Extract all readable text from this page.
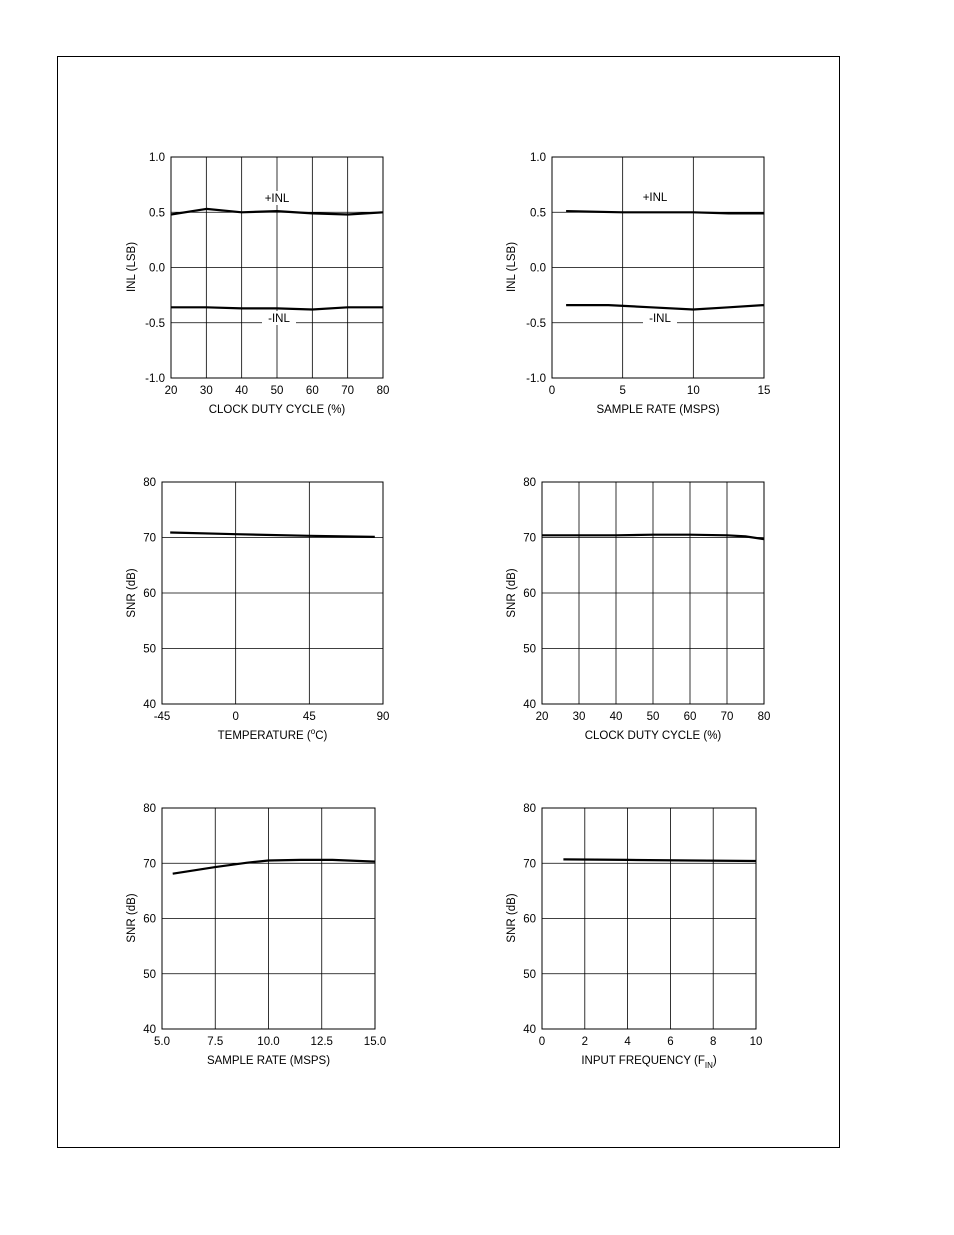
20 30 40 50 60 70 80
-1.0
-0.5
0.0
0.5
1.0
+INL
-INL
CLOCK DUTY CYCLE (%)
INL (LSB)
0	5	10	15
-1.0
-0.5
0.0
0.5
1.0
+INL
-INL
SAMPLE RATE (MSPS)
INL (LSB)
-45	0	45	90
40
50
60
70
80
TEMPERATURE ($^o$C)
SNR (dB)
20 30 40 50 60 70 80
40
50
60
70
80
CLOCK DUTY CYCLE (%)
SNR (dB)
5.0	7.5	10.0	12.5	15.0
40
50
60
70
80
SAMPLE RATE (MSPS)
SNR (dB)
0	2	4	6	8	10
40
50
60
70
80
INPUT FREQUENCY $(F_{IN})$
SNR (dB)
